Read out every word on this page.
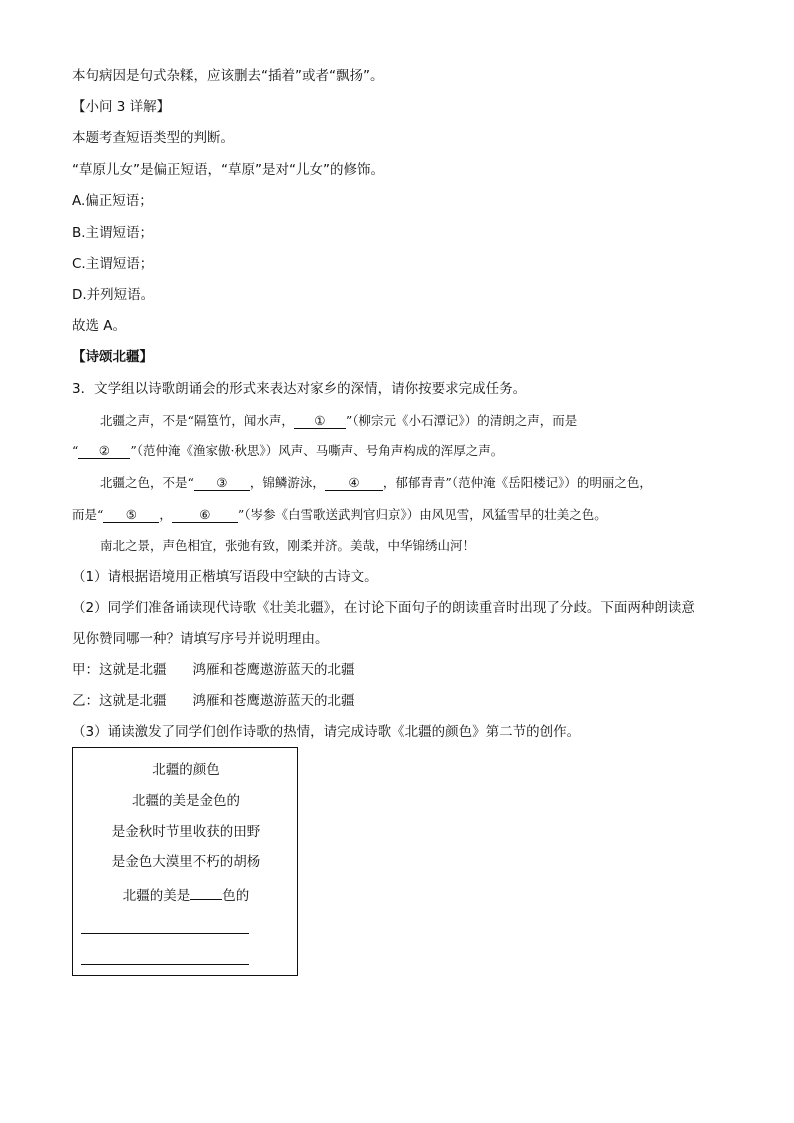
本句病因是句式杂糅，应该删去“插着”或者“飘扬”。
【小问 3 详解】
本题考查短语类型的判断。
“草原儿女”是偏正短语，“草原”是对“儿女”的修饰。
A.偏正短语；
B.主谓短语；
C.主谓短语；
D.并列短语。
故选 A。
【诗颂北疆】
3．文学组以诗歌朗诵会的形式来表达对家乡的深情，请你按要求完成任务。
北疆之声，不是“隔篁竹，闻水声， ① ”（柳宗元《小石潭记》）的清朗之声，而是
“ ② ”（范仲淹《渔家傲·秋思》）风声、马嘶声、号角声构成的浑厚之声。
北疆之色，不是“ ③ ，锦鳞游泳， ④ ，郁郁青青”（范仲淹《岳阳楼记》）的明丽之色，
而是“ ⑤ ， ⑥ ”（岑参《白雪歌送武判官归京》）由风见雪，风猛雪早的壮美之色。
南北之景，声色相宜，张弛有致，刚柔并济。美哉，中华锦绣山河！
（1）请根据语境用正楷填写语段中空缺的古诗文。
（2）同学们准备诵读现代诗歌《壮美北疆》，在讨论下面句子的朗读重音时出现了分歧。下面两种朗读意
见你赞同哪一种？请填写序号并说明理由。
甲：这就是北疆 鸿雁和苍鹰遨游蓝天的北疆
乙：这就是北疆 鸿雁和苍鹰遨游蓝天的北疆
（3）诵读激发了同学们创作诗歌的热情，请完成诗歌《北疆的颜色》第二节的创作。
北疆的颜色
北疆的美是金色的
是金秋时节里收获的田野
是金色大漠里不朽的胡杨
北疆的美是 色的
